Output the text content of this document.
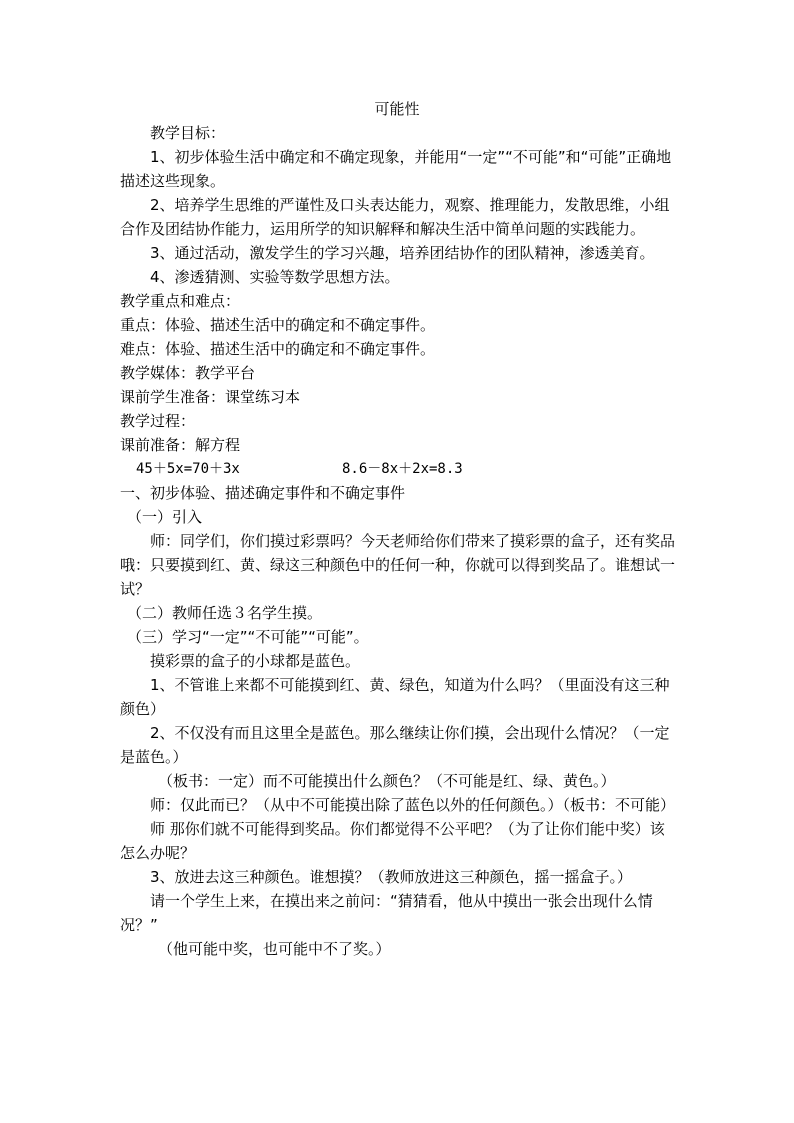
可能性

教学目标：

1、初步体验生活中确定和不确定现象，并能用“一定”“不可能”和“可能”正确地描述这些现象。

2、培养学生思维的严谨性及口头表达能力，观察、推理能力，发散思维，小组合作及团结协作能力，运用所学的知识解释和解决生活中简单问题的实践能力。

3、通过活动，激发学生的学习兴趣，培养团结协作的团队精神，渗透美育。

4、渗透猜测、实验等数学思想方法。

教学重点和难点：

重点：体验、描述生活中的确定和不确定事件。

难点：体验、描述生活中的确定和不确定事件。

教学媒体：教学平台

课前学生准备：课堂练习本

教学过程：

课前准备：解方程

45＋5x=70＋3x	8.6－8x＋2x=8.3

一、初步体验、描述确定事件和不确定事件

（一）引入

师：同学们，你们摸过彩票吗？今天老师给你们带来了摸彩票的盒子，还有奖品哦：只要摸到红、黄、绿这三种颜色中的任何一种，你就可以得到奖品了。谁想试一试？

（二）教师任选３名学生摸。

（三）学习“一定”“不可能”“可能”。

摸彩票的盒子的小球都是蓝色。

1、不管谁上来都不可能摸到红、黄、绿色，知道为什么吗？（里面没有这三种颜色）

2、不仅没有而且这里全是蓝色。那么继续让你们摸，会出现什么情况？（一定是蓝色。）

（板书：一定）而不可能摸出什么颜色？（不可能是红、绿、黄色。）

师：仅此而已？（从中不可能摸出除了蓝色以外的任何颜色。）（板书：不可能）

师 那你们就不可能得到奖品。你们都觉得不公平吧？（为了让你们能中奖）该怎么办呢？

3、放进去这三种颜色。谁想摸？（教师放进这三种颜色，摇一摇盒子。）

请一个学生上来，在摸出来之前问：“猜猜看，他从中摸出一张会出现什么情况？”

（他可能中奖，也可能中不了奖。）
